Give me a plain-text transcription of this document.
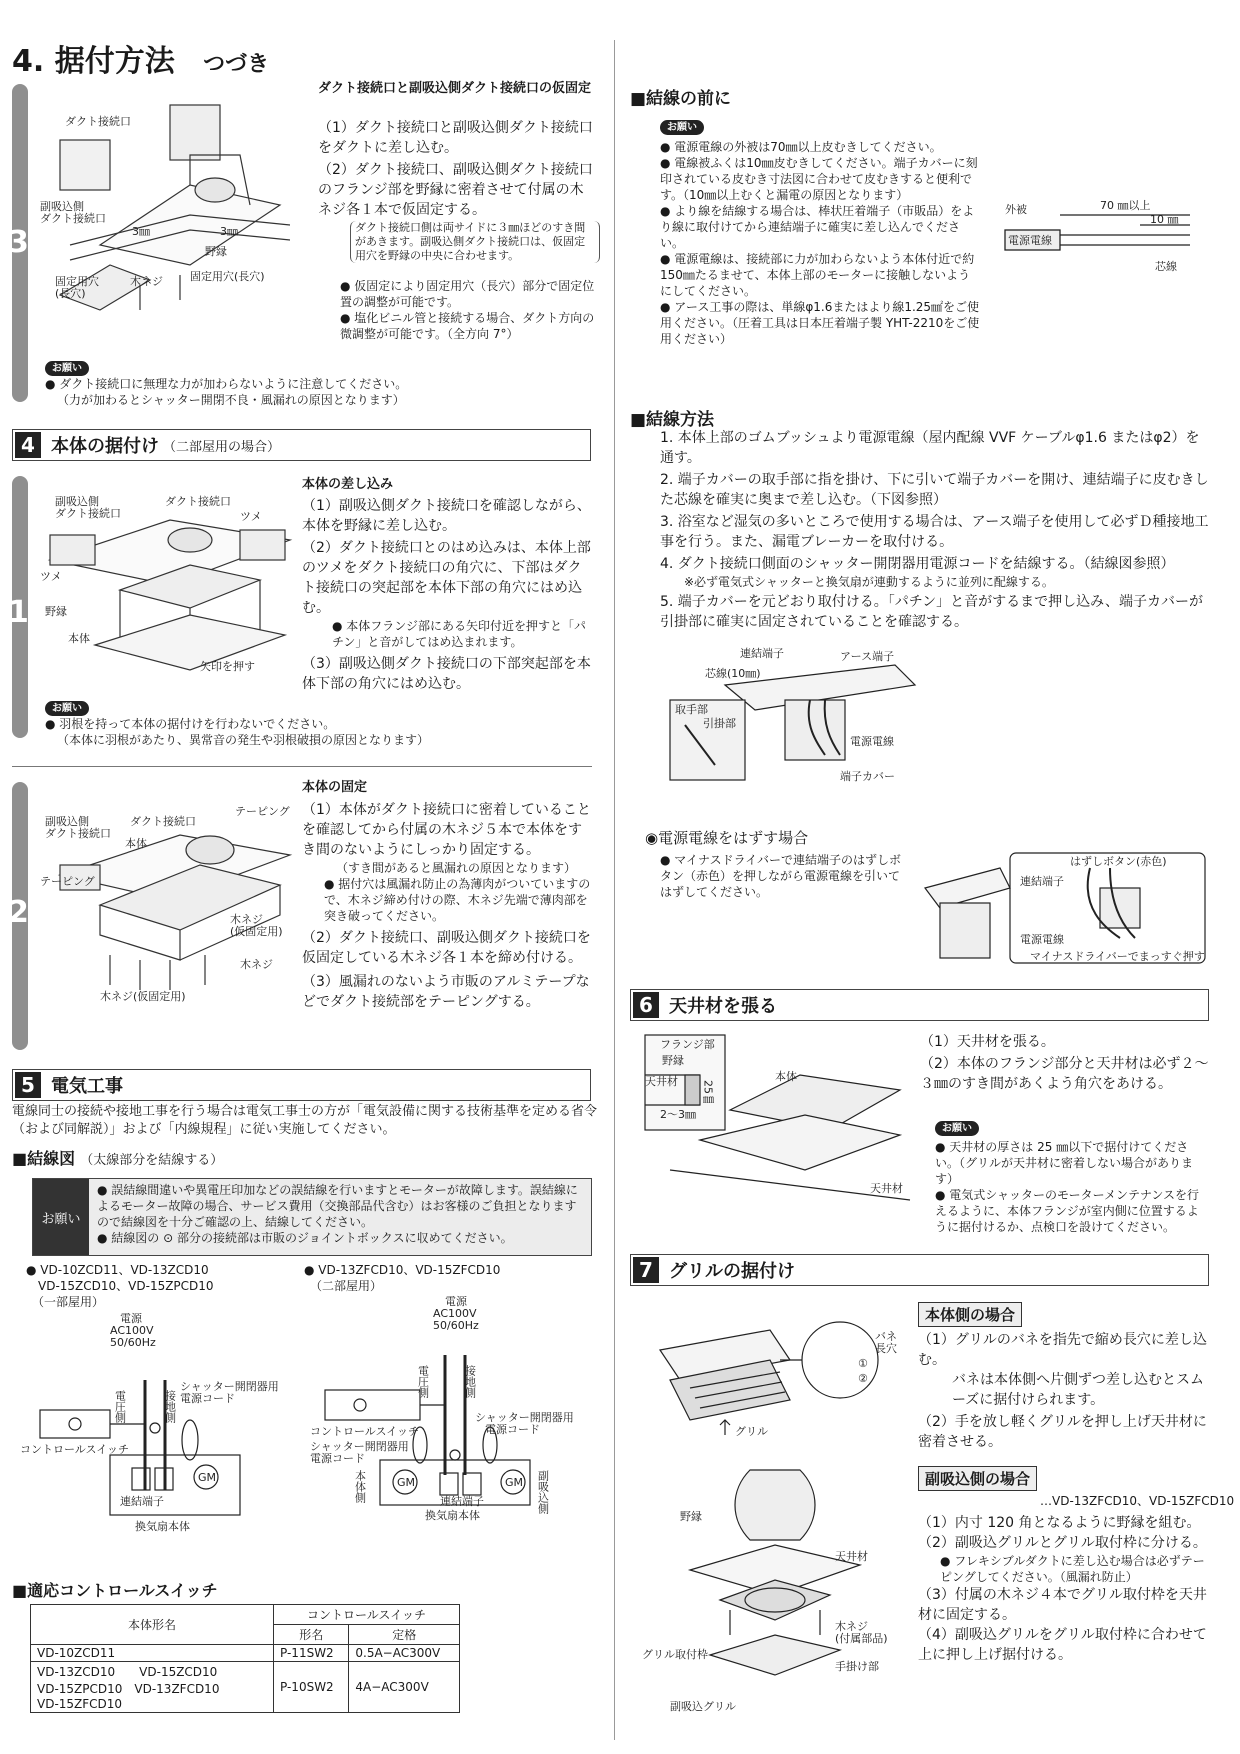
4. 据付方法 つづき
3
1
2
ダクト接続口
副吸込側ダクト接続口
3㎜	3㎜
野縁
木ネジ 固定用穴(長穴)
固定用穴(長穴)
ダクト接続口と副吸込側ダクト接続口の仮固定

（1）ダクト接続口と副吸込側ダクト接続口をダクトに差し込む。

（2）ダクト接続口、副吸込側ダクト接続口のフランジ部を野縁に密着させて付属の木ネジ各１本で仮固定する。

ダクト接続口側は両サイドに３㎜ほどのすき間があきます。副吸込側ダクト接続口は、仮固定用穴を野縁の中央に合わせます。

● 仮固定により固定用穴（長穴）部分で固定位置の調整が可能です。

● 塩化ビニル管と接続する場合、ダクト方向の微調整が可能です。（全方向 7°）

お願い
● ダクト接続口に無理な力が加わらないように注意してください。
（力が加わるとシャッター開閉不良・風漏れの原因となります）
4 本体の据付け （二部屋用の場合）
副吸込側ダクト接続口
ダクト接続口
ツメ
ツメ
野縁
本体
矢印を押す
本体の差し込み

（1）副吸込側ダクト接続口を確認しながら、本体を野縁に差し込む。

（2）ダクト接続口とのはめ込みは、本体上部のツメをダクト接続口の角穴に、下部はダクト接続口の突起部を本体下部の角穴にはめ込む。

● 本体フランジ部にある矢印付近を押すと「パチン」と音がしてはめ込まれます。

（3）副吸込側ダクト接続口の下部突起部を本体下部の角穴にはめ込む。

お願い
● 羽根を持って本体の据付けを行わないでください。
（本体に羽根があたり、異常音の発生や羽根破損の原因となります）
副吸込側ダクト接続口
ダクト接続口
テーピング
テーピング
本体
木ネジ(仮固定用)
木ネジ
木ネジ(仮固定用)
本体の固定

（1）本体がダクト接続口に密着していることを確認してから付属の木ネジ５本で本体をすき間のないようにしっかり固定する。

（すき間があると風漏れの原因となります）

● 据付穴は風漏れ防止の為薄肉がついていますので、木ネジ締め付けの際、木ネジ先端で薄肉部を突き破ってください。

（2）ダクト接続口、副吸込側ダクト接続口を仮固定している木ネジ各１本を締め付ける。

（3）風漏れのないよう市販のアルミテープなどでダクト接続部をテーピングする。

5 電気工事
電線同士の接続や接地工事を行う場合は電気工事士の方が「電気設備に関する技術基準を定める省令（および同解説）」および「内線規程」に従い実施してください。
■結線図 （太線部分を結線する）
お願い
● 誤結線間違いや異電圧印加などの誤結線を行いますとモーターが故障します。誤結線によるモーター故障の場合、サービス費用（交換部品代含む）はお客様のご負担となりますので結線図を十分ご確認の上、結線してください。
● 結線図の ⊙ 部分の接続部は市販のジョイントボックスに収めてください。
● VD-10ZCD11、VD-13ZCD10
　VD-15ZCD10、VD-15ZPCD10
　（一部屋用）
電源 AC100V 50/60Hz
電圧側	接地側
シャッター開閉器用電源コード
コントロールスイッチ
連結端子
GM
換気扇本体
● VD-13ZFCD10、VD-15ZFCD10
　（二部屋用）
電源 AC100V 50/60Hz
電圧側	接地側
コントロールスイッチ
シャッター開閉器用電源コード
シャッター開閉器用電源コード
本体側	副吸込側
GM	GM
連結端子
換気扇本体
■適応コントロールスイッチ
本体形名	コントロールスイッチ	
	形名	定格
VD-10ZCD11	P-11SW2	0.5A−AC300V
VD-13ZCD10　　VD-15ZCD10
VD-15ZPCD10　VD-13ZFCD10
VD-15ZFCD10	P-10SW2	4A−AC300V
■結線の前に
お願い
● 電源電線の外被は70㎜以上皮むきしてください。
● 電線被ふくは10㎜皮むきしてください。端子カバーに刻印されている皮むき寸法図に合わせて皮むきすると便利です。（10㎜以上むくと漏電の原因となります）
● より線を結線する場合は、棒状圧着端子（市販品）をより線に取付けてから連結端子に確実に差し込んでください。
● 電源電線は、接続部に力が加わらないよう本体付近で約150㎜たるませて、本体上部のモーターに接触しないようにしてください。
● アース工事の際は、単線φ1.6またはより線1.25㎟をご使用ください。（圧着工具は日本圧着端子製 YHT-2210をご使用ください）
外被
電源電線
70 ㎜以上
10 ㎜
芯線
■結線方法

1. 本体上部のゴムブッシュより電源電線（屋内配線 VVF ケーブルφ1.6 またはφ2）を通す。

2. 端子カバーの取手部に指を掛け、下に引いて端子カバーを開け、連結端子に皮むきした芯線を確実に奥まで差し込む。（下図参照）

3. 浴室など湿気の多いところで使用する場合は、アース端子を使用して必ずＤ種接地工事を行う。また、漏電ブレーカーを取付ける。

4. ダクト接続口側面のシャッター開閉器用電源コードを結線する。（結線図参照）

※必ず電気式シャッターと換気扇が連動するように並列に配線する。

5. 端子カバーを元どおり取付ける。「パチン」と音がするまで押し込み、端子カバーが引掛部に確実に固定されていることを確認する。

連結端子	アース端子
芯線(10㎜)
取手部
引掛部
電源電線
端子カバー
◉電源電線をはずす場合
● マイナスドライバーで連結端子のはずしボタン（赤色）を押しながら電源電線を引いてはずしてください。
はずしボタン(赤色)
連結端子
電源電線
マイナスドライバーでまっすぐ押す
6 天井材を張る
フランジ部
野縁
天井材	本体
2～3㎜
25㎜
天井材

（1）天井材を張る。

（2）本体のフランジ部分と天井材は必ず２～３㎜のすき間があくよう角穴をあける。

お願い
● 天井材の厚さは 25 ㎜以下で据付けてください。（グリルが天井材に密着しない場合があります）
● 電気式シャッターのモーターメンテナンスを行えるように、本体フランジが室内側に位置するように据付けるか、点検口を設けてください。
7 グリルの据付け
バネ長穴
①
②
グリル
本体側の場合

（1）グリルのバネを指先で縮め長穴に差し込む。

バネは本体側へ片側ずつ差し込むとスムーズに据付けられます。

（2）手を放し軽くグリルを押し上げ天井材に密着させる。

副吸込側の場合
…VD-13ZFCD10、VD-15ZFCD10

（1）内寸 120 角となるように野縁を組む。

（2）副吸込グリルとグリル取付枠に分ける。

● フレキシブルダクトに差し込む場合は必ずテーピングしてください。（風漏れ防止）

（3）付属の木ネジ４本でグリル取付枠を天井材に固定する。

（4）副吸込グリルをグリル取付枠に合わせて上に押し上げ据付ける。

野縁
天井材
木ネジ(付属部品)
グリル取付枠
手掛け部
副吸込グリル
